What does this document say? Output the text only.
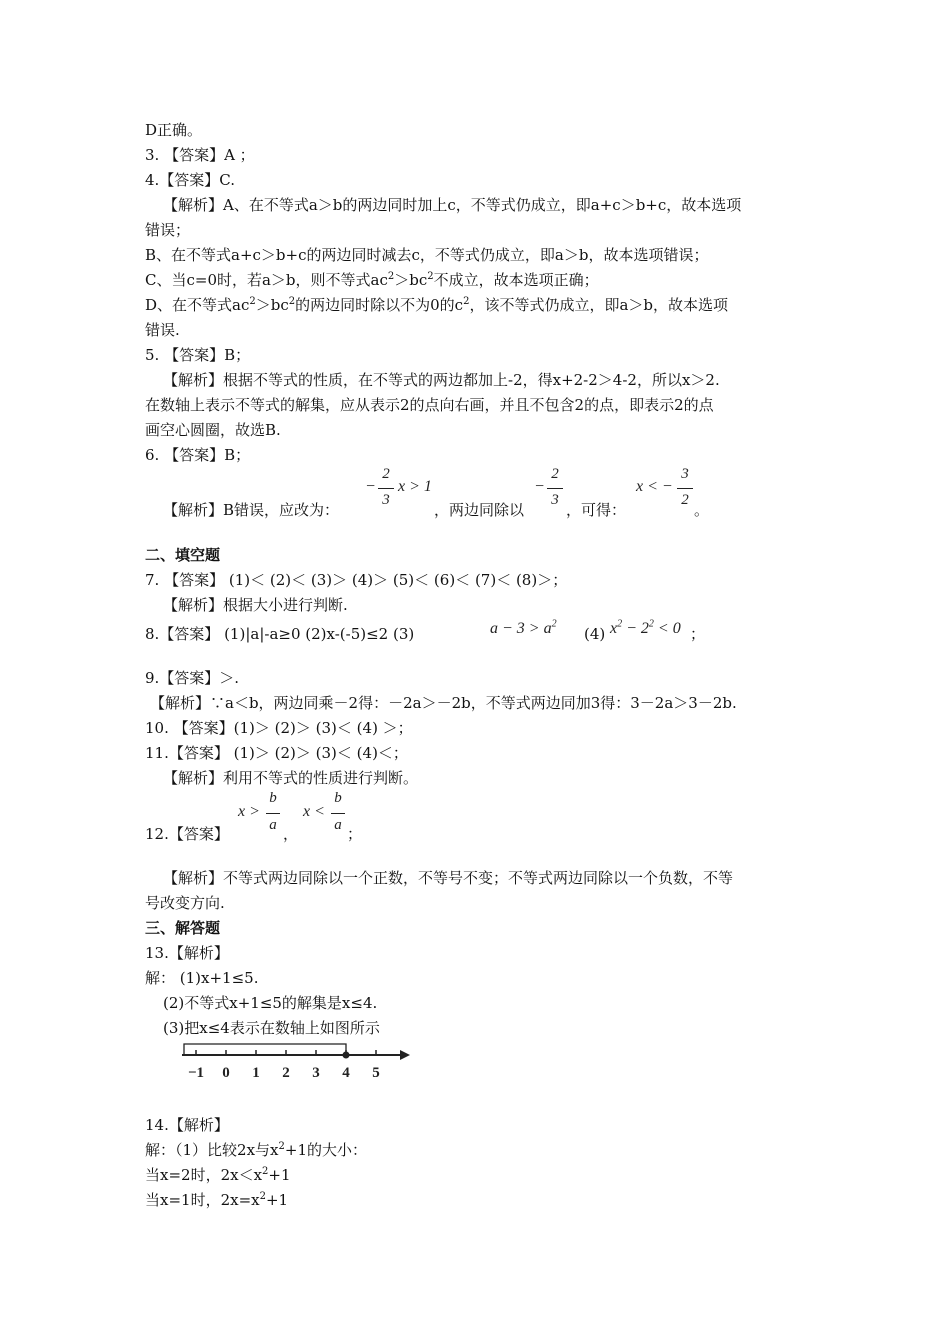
D正确。
3. 【答案】A ；
4.【答案】C.
【解析】A、在不等式a＞b的两边同时加上c，不等式仍成立，即a+c＞b+c，故本选项
错误；
B、在不等式a+c＞b+c的两边同时减去c，不等式仍成立，即a＞b，故本选项错误；
C、当c=0时，若a＞b，则不等式$ac^2>bc^2$不成立，故本选项正确；
D、在不等式$ac^2>bc^2$的两边同时除以不为0的$c^2$，该不等式仍成立，即a＞b，故本选项
错误.
5. 【答案】B；
【解析】根据不等式的性质，在不等式的两边都加上-2，得x+2-2＞4-2，所以x＞2.
在数轴上表示不等式的解集，应从表示2的点向右画，并且不包含2的点，即表示2的点
画空心圆圈，故选B.
6. 【答案】B；
【解析】B错误，应改为：
−
2
3
x > 1
，两边同除以
−
2
3
，可得：
x < −
3
2
。
二、填空题
7. 【答案】 (1)＜ (2)＜ (3)＞ (4)＞ (5)＜ (6)＜ (7)＜ (8)＞；
【解析】根据大小进行判断.
8.【答案】 (1)|a|-a≥0 (2)x-(-5)≤2 (3)	$a - 3 > a^2$
(4) $x^2 - 2^2 < 0$ ；
9.【答案】＞.
【解析】∵a＜b，两边同乘－2得：－2a＞－2b，不等式两边同加3得：3－2a＞3－2b.
10. 【答案】(1)＞ (2)＞ (3)＜ (4) ＞；
11.【答案】 (1)＞ (2)＞ (3)＜ (4)＜；
【解析】利用不等式的性质进行判断。
12.【答案】
x >
b
a ，
x <
b
a ；
【解析】不等式两边同除以一个正数，不等号不变；不等式两边同除以一个负数，不等
号改变方向.
三、解答题
13.【解析】
解： (1)x+1≤5.
(2)不等式x+1≤5的解集是x≤4.
(3)把x≤4表示在数轴上如图所示
−1 0 1 2 3 4 5
14.【解析】
解：（1）比较2x与$x^2+1$的大小：
当x=2时，$2x<x^2+1$
当x=1时，$2x=x^2+1$
